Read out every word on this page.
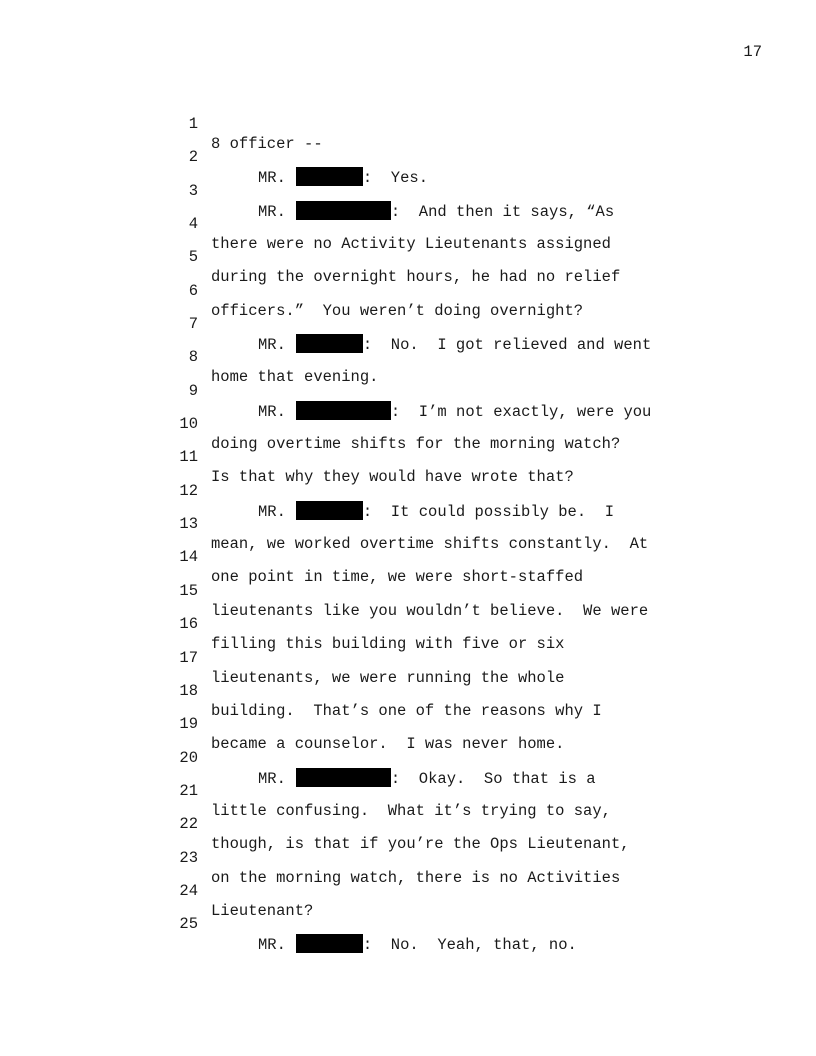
17

1

8 officer --

2

MR.	:  Yes.

3

MR.	:  And then it says, “As

4

there were no Activity Lieutenants assigned

5

during the overnight hours, he had no relief

6

officers.”  You weren’t doing overnight?

7

MR.	:  No.  I got relieved and went

8

home that evening.

9

MR.	:  I’m not exactly, were you

10

doing overtime shifts for the morning watch?

11

Is that why they would have wrote that?

12

MR.	:  It could possibly be.  I

13

mean, we worked overtime shifts constantly.  At

14

one point in time, we were short-staffed

15

lieutenants like you wouldn’t believe.  We were

16

filling this building with five or six

17

lieutenants, we were running the whole

18

building.  That’s one of the reasons why I

19

became a counselor.  I was never home.

20

MR.	:  Okay.  So that is a

21

little confusing.  What it’s trying to say,

22

though, is that if you’re the Ops Lieutenant,

23

on the morning watch, there is no Activities

24

Lieutenant?

25

MR.	:  No.  Yeah, that, no.
